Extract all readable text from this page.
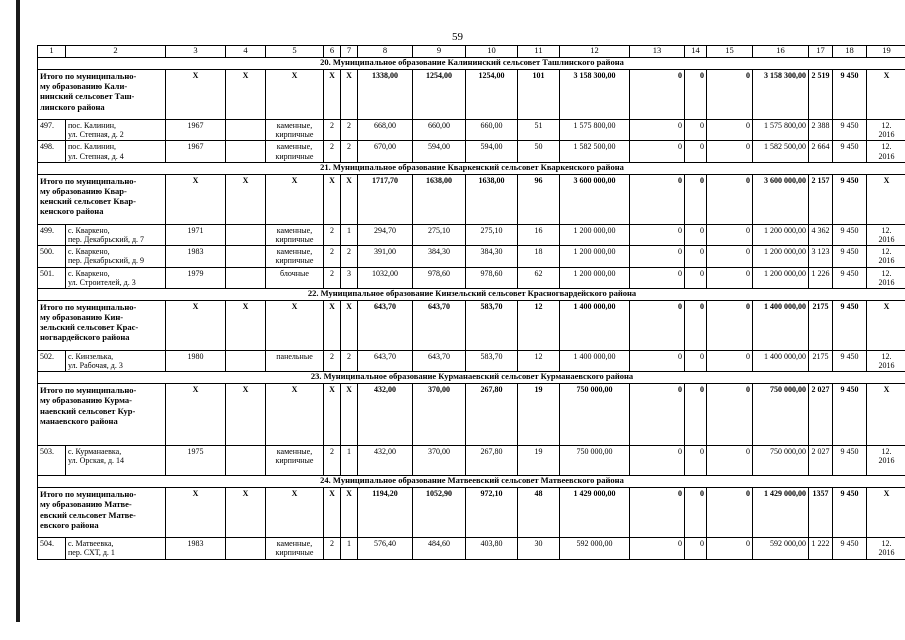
59
1	2	3	4	5	6	7	8	9	10	11	12	13	14	15	16	17	18	19
20. Муниципальное образование Калининский сельсовет Ташлинского района																		
Итого по муниципально-
му образованию Кали-
нинский сельсовет Таш-
линского района		X	X	X	X	X	1338,00	1254,00	1254,00	101	3 158 300,00	0	0	0	3 158 300,00	2 519	9 450	X
497.	пос. Калинин,
ул. Степная, д. 2	1967		каменные,
кирпичные	2	2	668,00	660,00	660,00	51	1 575 800,00	0	0	0	1 575 800,00	2 388	9 450	12.
2016
498.	пос. Калинин,
ул. Степная, д. 4	1967		каменные,
кирпичные	2	2	670,00	594,00	594,00	50	1 582 500,00	0	0	0	1 582 500,00	2 664	9 450	12.
2016
21. Муниципальное образование Кваркенский сельсовет Кваркенского района																		
Итого по муниципально-
му образованию Квар-
кенский сельсовет Квар-
кенского района		X	X	X	X	X	1717,70	1638,00	1638,00	96	3 600 000,00	0	0	0	3 600 000,00	2 157	9 450	X
499.	с. Кваркено,
пер. Декабрьский, д. 7	1971		каменные,
кирпичные	2	1	294,70	275,10	275,10	16	1 200 000,00	0	0	0	1 200 000,00	4 362	9 450	12.
2016
500.	с. Кваркено,
пер. Декабрьский, д. 9	1983		каменные,
кирпичные	2	2	391,00	384,30	384,30	18	1 200 000,00	0	0	0	1 200 000,00	3 123	9 450	12.
2016
501.	с. Кваркено,
ул. Строителей, д. 3	1979		блочные	2	3	1032,00	978,60	978,60	62	1 200 000,00	0	0	0	1 200 000,00	1 226	9 450	12.
2016
22. Муниципальное образование Кинзельский сельсовет Красногвардейского района																		
Итого по муниципально-
му образованию Кин-
зельский сельсовет Крас-
ногвардейского района		X	X	X	X	X	643,70	643,70	583,70	12	1 400 000,00	0	0	0	1 400 000,00	2175	9 450	X
502.	с. Кинзелька,
ул. Рабочая, д. 3	1980		панельные	2	2	643,70	643,70	583,70	12	1 400 000,00	0	0	0	1 400 000,00	2175	9 450	12.
2016
23. Муниципальное образование Курманаевский сельсовет Курманаевского района																		
Итого по муниципально-
му образованию Курма-
наевский сельсовет Кур-
манаевского района		X	X	X	X	X	432,00	370,00	267,80	19	750 000,00	0	0	0	750 000,00	2 027	9 450	X
503.	с. Курманаевка,
ул. Орская, д. 14	1975		каменные,
кирпичные	2	1	432,00	370,00	267,80	19	750 000,00	0	0	0	750 000,00	2 027	9 450	12.
2016
24. Муниципальное образование Матвеевский сельсовет Матвеевского района																		
Итого по муниципально-
му образованию Матве-
евский сельсовет Матве-
евского района		X	X	X	X	X	1194,20	1052,90	972,10	48	1 429 000,00	0	0	0	1 429 000,00	1357	9 450	X
504.	с. Матвеевка,
пер. СХТ, д. 1	1983		каменные,
кирпичные	2	1	576,40	484,60	403,80	30	592 000,00	0	0	0	592 000,00	1 222	9 450	12.
2016
